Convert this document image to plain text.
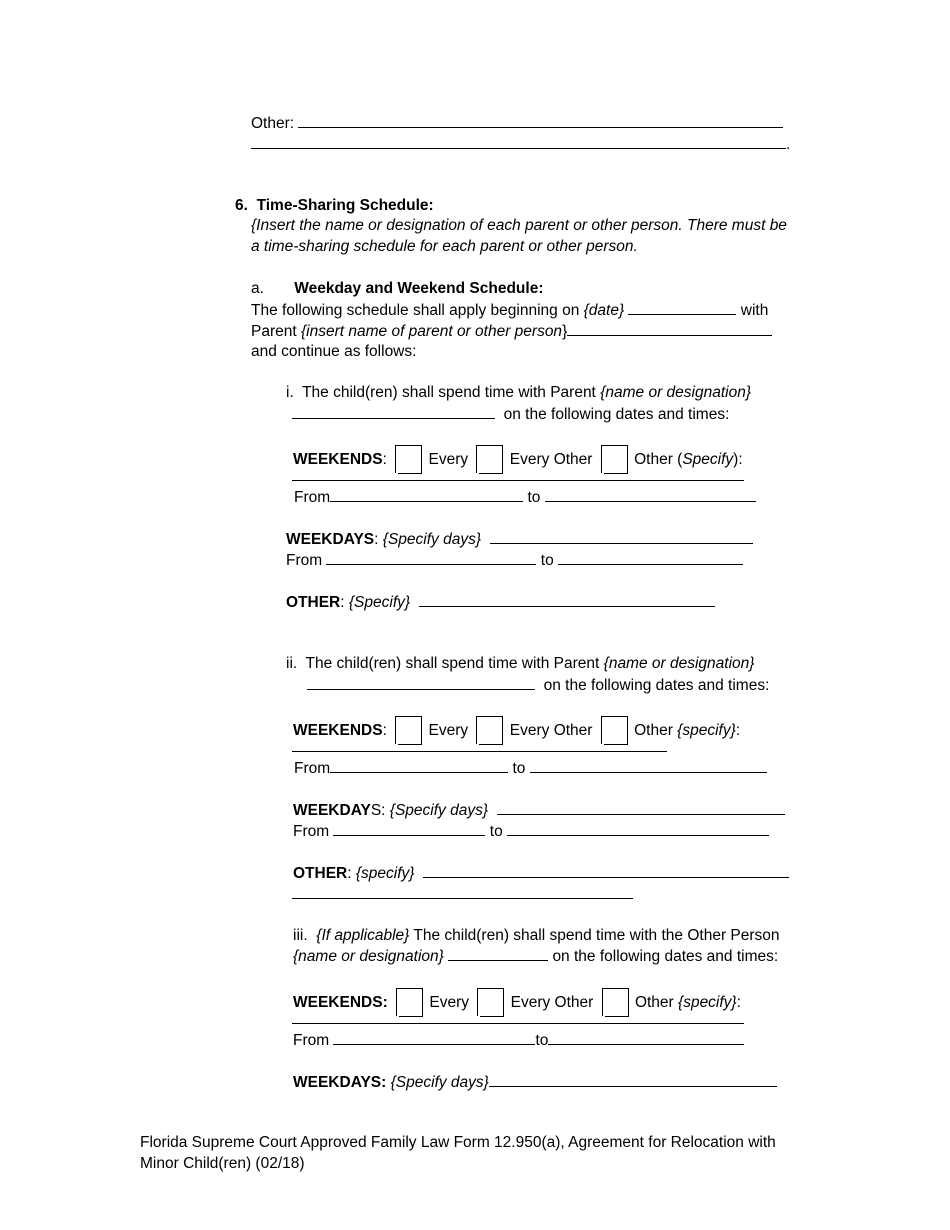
Other:
.
6. Time-Sharing Schedule:
{Insert the name or designation of each parent or other person. There must be
a time-sharing schedule for each parent or other person.
a. Weekday and Weekend Schedule:
The following schedule shall apply beginning on {date}	with
Parent {insert name of parent or other person}
and continue as follows:
i. The child(ren) shall spend time with Parent {name or designation}
on the following dates and times:
WEEKENDS:	Every	Every Other	Other (Specify):
From	to
WEEKDAYS: {Specify days}
From	to
OTHER: {Specify}
ii. The child(ren) shall spend time with Parent {name or designation}
on the following dates and times:
WEEKENDS:	Every	Every Other	Other {specify}:
From	to
WEEKDAYS: {Specify days}
From	to
OTHER: {specify}
iii. {If applicable} The child(ren) shall spend time with the Other Person
{name or designation}	on the following dates and times:
WEEKENDS:	Every	Every Other	Other {specify}:
From	to
WEEKDAYS: {Specify days}
Florida Supreme Court Approved Family Law Form 12.950(a), Agreement for Relocation with
Minor Child(ren) (02/18)
